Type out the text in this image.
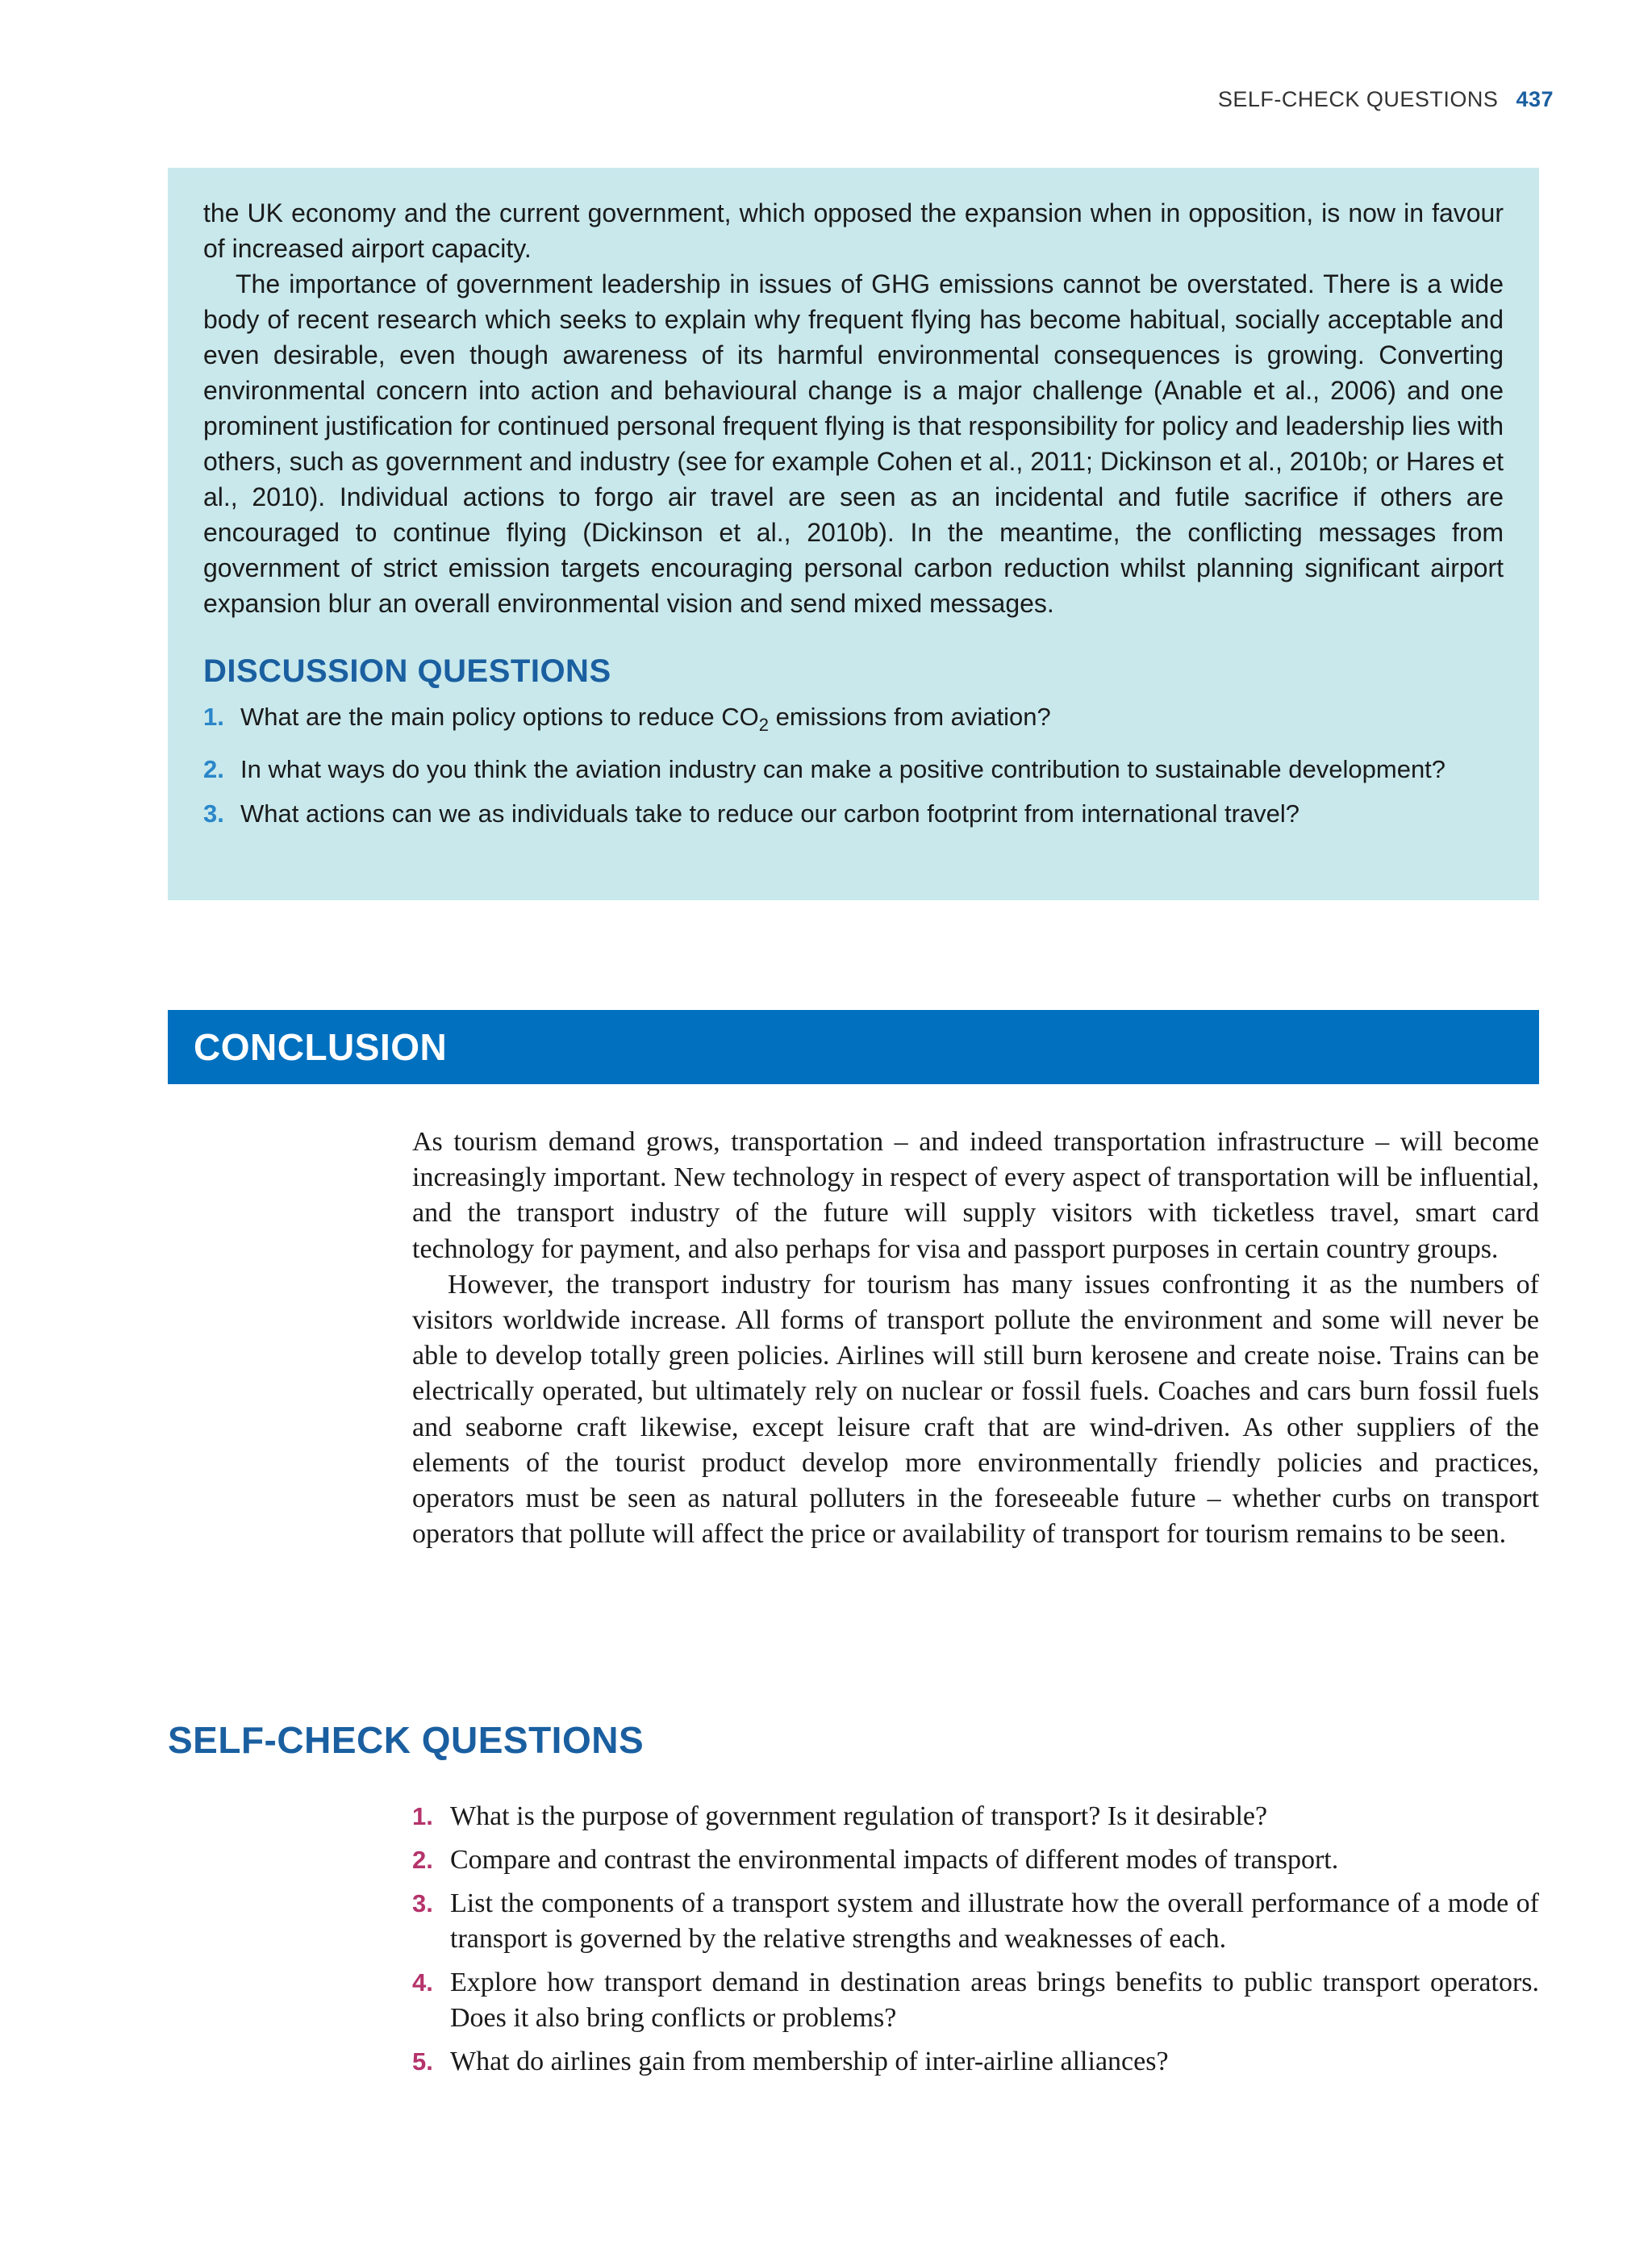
SELF-CHECK QUESTIONS 437

the UK economy and the current government, which opposed the expansion when in opposition, is now in favour of increased airport capacity.

The importance of government leadership in issues of GHG emissions cannot be overstated. There is a wide body of recent research which seeks to explain why frequent flying has become habitual, socially acceptable and even desirable, even though awareness of its harmful environmental consequences is growing. Converting environmental concern into action and behavioural change is a major challenge (Anable et al., 2006) and one prominent justification for continued personal frequent flying is that responsibility for policy and leadership lies with others, such as government and industry (see for example Cohen et al., 2011; Dickinson et al., 2010b; or Hares et al., 2010). Individual actions to forgo air travel are seen as an incidental and futile sacrifice if others are encouraged to continue flying (Dickinson et al., 2010b). In the meantime, the conflicting messages from government of strict emission targets encouraging personal carbon reduction whilst planning significant airport expansion blur an overall environmental vision and send mixed messages.

DISCUSSION QUESTIONS
1. What are the main policy options to reduce $CO_2$ emissions from aviation?
2. In what ways do you think the aviation industry can make a positive contribution to sustainable development?
3. What actions can we as individuals take to reduce our carbon footprint from international travel?
CONCLUSION

As tourism demand grows, transportation – and indeed transportation infrastructure – will become increasingly important. New technology in respect of every aspect of transportation will be influential, and the transport industry of the future will supply visitors with ticketless travel, smart card technology for payment, and also perhaps for visa and passport purposes in certain country groups.

However, the transport industry for tourism has many issues confronting it as the numbers of visitors worldwide increase. All forms of transport pollute the environment and some will never be able to develop totally green policies. Airlines will still burn kerosene and create noise. Trains can be electrically operated, but ultimately rely on nuclear or fossil fuels. Coaches and cars burn fossil fuels and seaborne craft likewise, except leisure craft that are wind-driven. As other suppliers of the elements of the tourist product develop more environmentally friendly policies and practices, operators must be seen as natural polluters in the foreseeable future – whether curbs on transport operators that pollute will affect the price or availability of transport for tourism remains to be seen.

SELF-CHECK QUESTIONS
1. What is the purpose of government regulation of transport? Is it desirable?
2. Compare and contrast the environmental impacts of different modes of transport.
3. List the components of a transport system and illustrate how the overall performance of a mode of transport is governed by the relative strengths and weaknesses of each.
4. Explore how transport demand in destination areas brings benefits to public transport operators. Does it also bring conflicts or problems?
5. What do airlines gain from membership of inter-airline alliances?
